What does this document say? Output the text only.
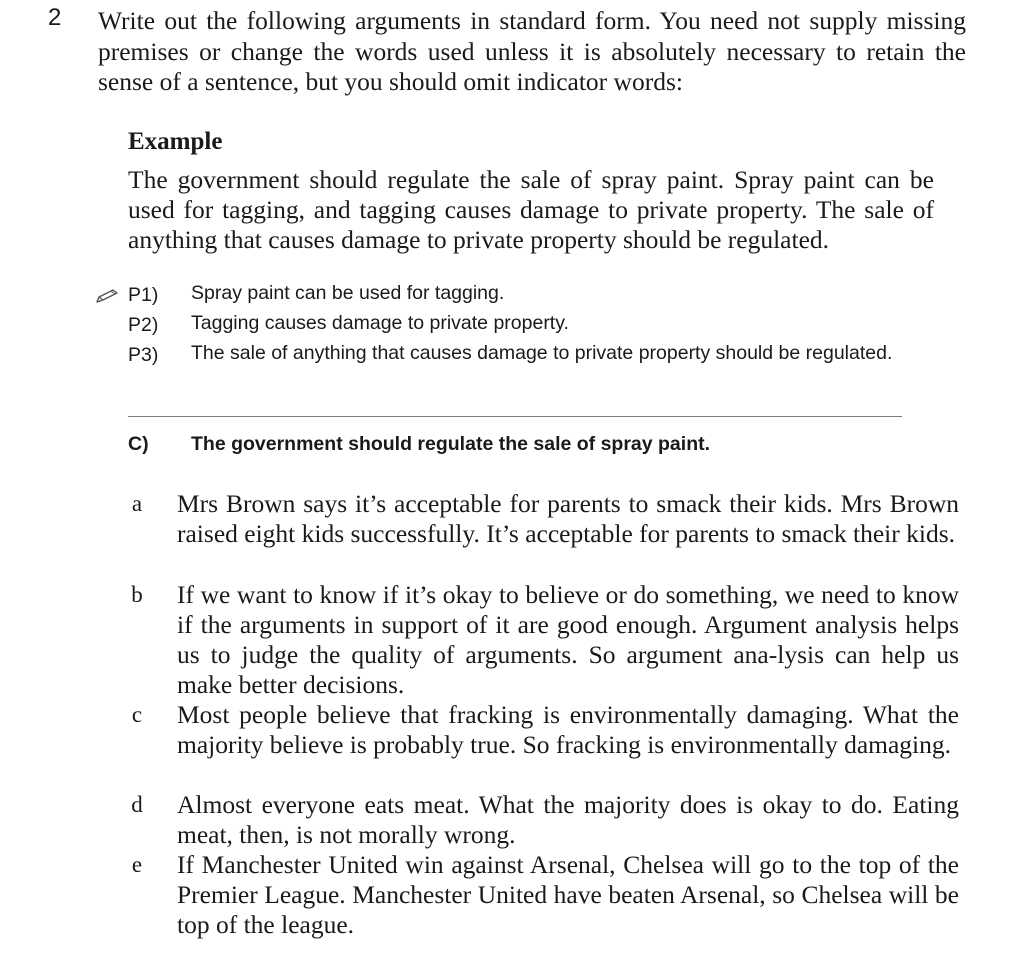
2 Write out the following arguments in standard form. You need not supply missing premises or change the words used unless it is absolutely necessary to retain the sense of a sentence, but you should omit indicator words:
Example
The government should regulate the sale of spray paint. Spray paint can be used for tagging, and tagging causes damage to private property. The sale of anything that causes damage to private property should be regulated.
P1) Spray paint can be used for tagging.
P2) Tagging causes damage to private property.
P3) The sale of anything that causes damage to private property should be regulated.
C) The government should regulate the sale of spray paint.
a Mrs Brown says it’s acceptable for parents to smack their kids. Mrs Brown raised eight kids successfully. It’s acceptable for parents to smack their kids.
b If we want to know if it’s okay to believe or do something, we need to know if the arguments in support of it are good enough. Argument analysis helps us to judge the quality of arguments. So argument ana-lysis can help us make better decisions.
c Most people believe that fracking is environmentally damaging. What the majority believe is probably true. So fracking is environmentally damaging.
d Almost everyone eats meat. What the majority does is okay to do. Eating meat, then, is not morally wrong.
e If Manchester United win against Arsenal, Chelsea will go to the top of the Premier League. Manchester United have beaten Arsenal, so Chelsea will be top of the league.
